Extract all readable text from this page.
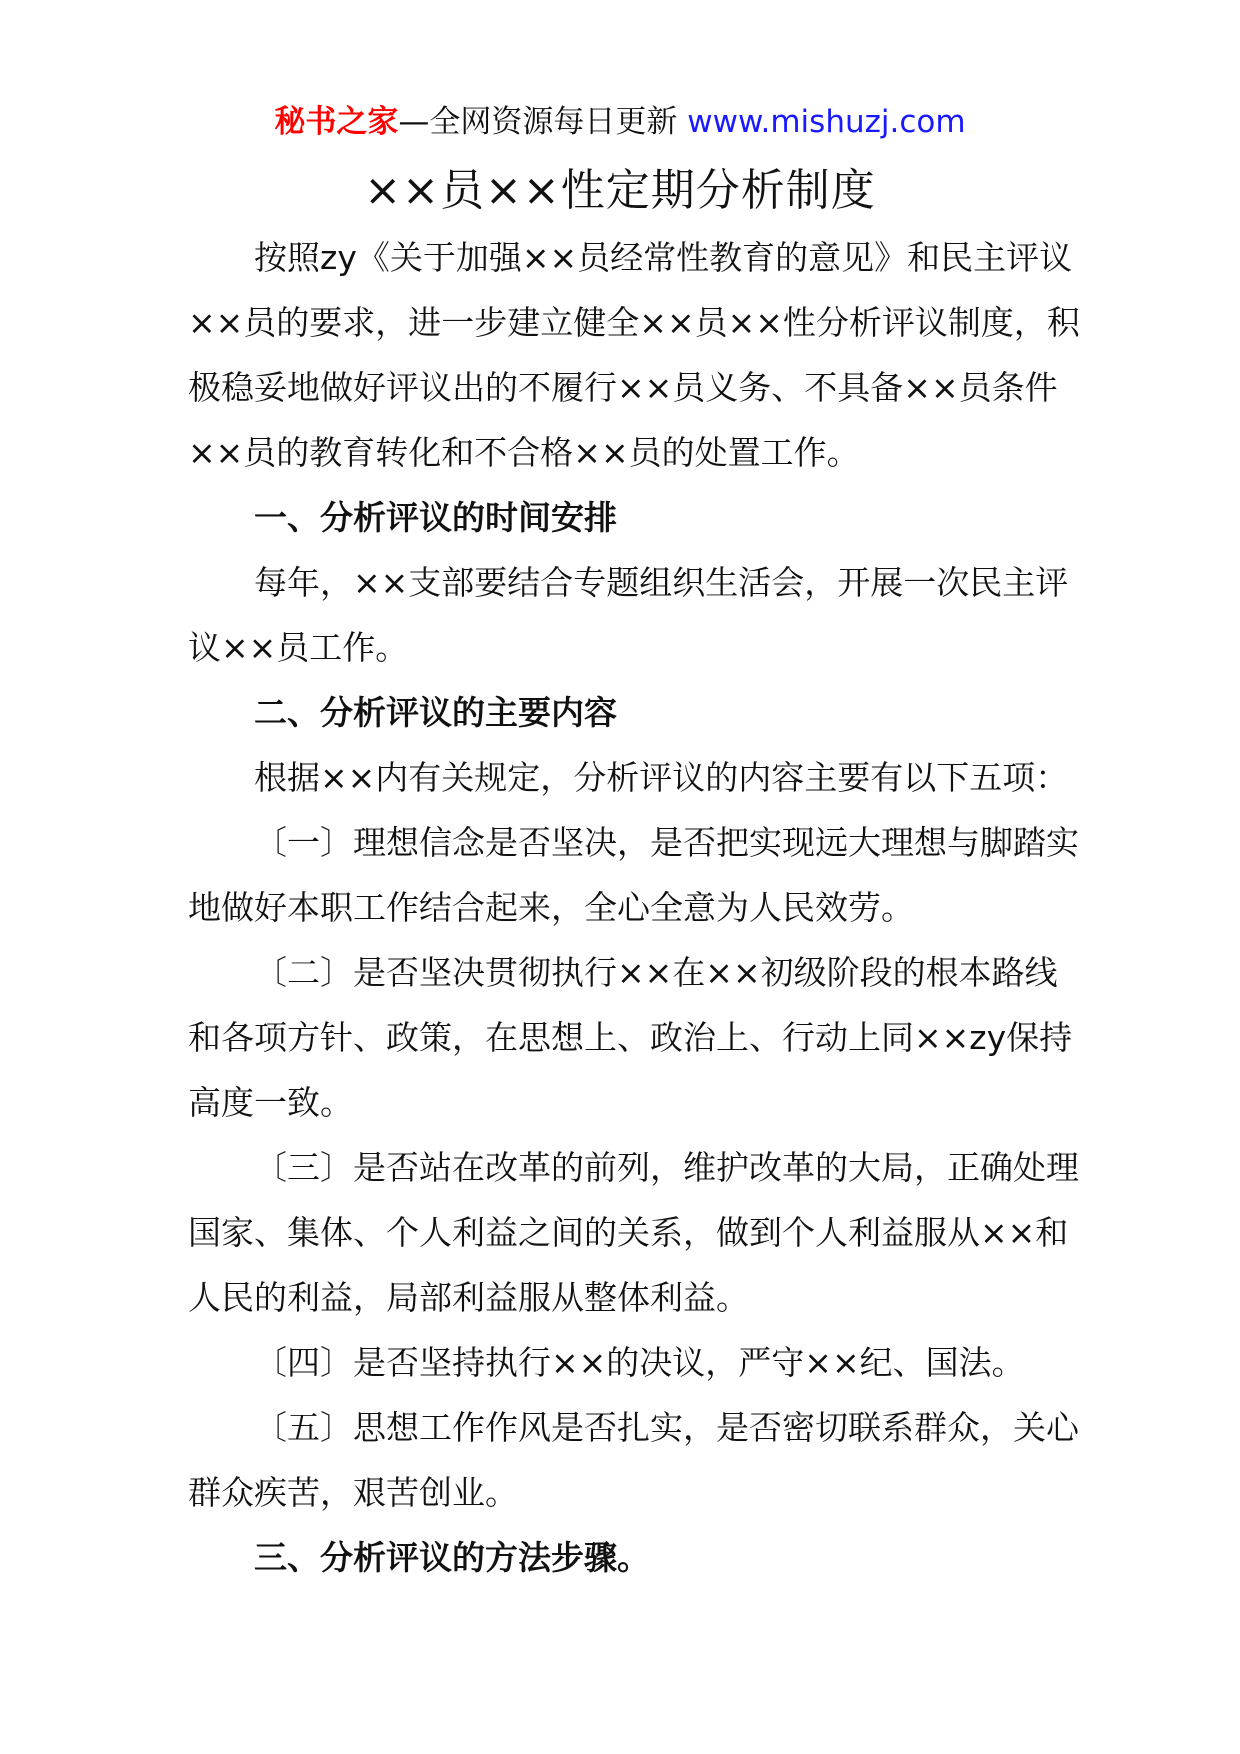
秘书之家—全网资源每日更新 www.mishuzj.com
××员××性定期分析制度

按照zy《关于加强××员经常性教育的意见》和民主评议××员的要求，进一步建立健全××员××性分析评议制度，积极稳妥地做好评议出的不履行××员义务、不具备××员条件××员的教育转化和不合格××员的处置工作。

一、分析评议的时间安排

每年，××支部要结合专题组织生活会，开展一次民主评议××员工作。

二、分析评议的主要内容

根据××内有关规定，分析评议的内容主要有以下五项：

〔一〕理想信念是否坚决，是否把实现远大理想与脚踏实地做好本职工作结合起来，全心全意为人民效劳。

〔二〕是否坚决贯彻执行××在××初级阶段的根本路线和各项方针、政策，在思想上、政治上、行动上同××zy保持高度一致。

〔三〕是否站在改革的前列，维护改革的大局，正确处理国家、集体、个人利益之间的关系，做到个人利益服从××和人民的利益，局部利益服从整体利益。

〔四〕是否坚持执行××的决议，严守××纪、国法。

〔五〕思想工作作风是否扎实，是否密切联系群众，关心群众疾苦，艰苦创业。

三、分析评议的方法步骤。
